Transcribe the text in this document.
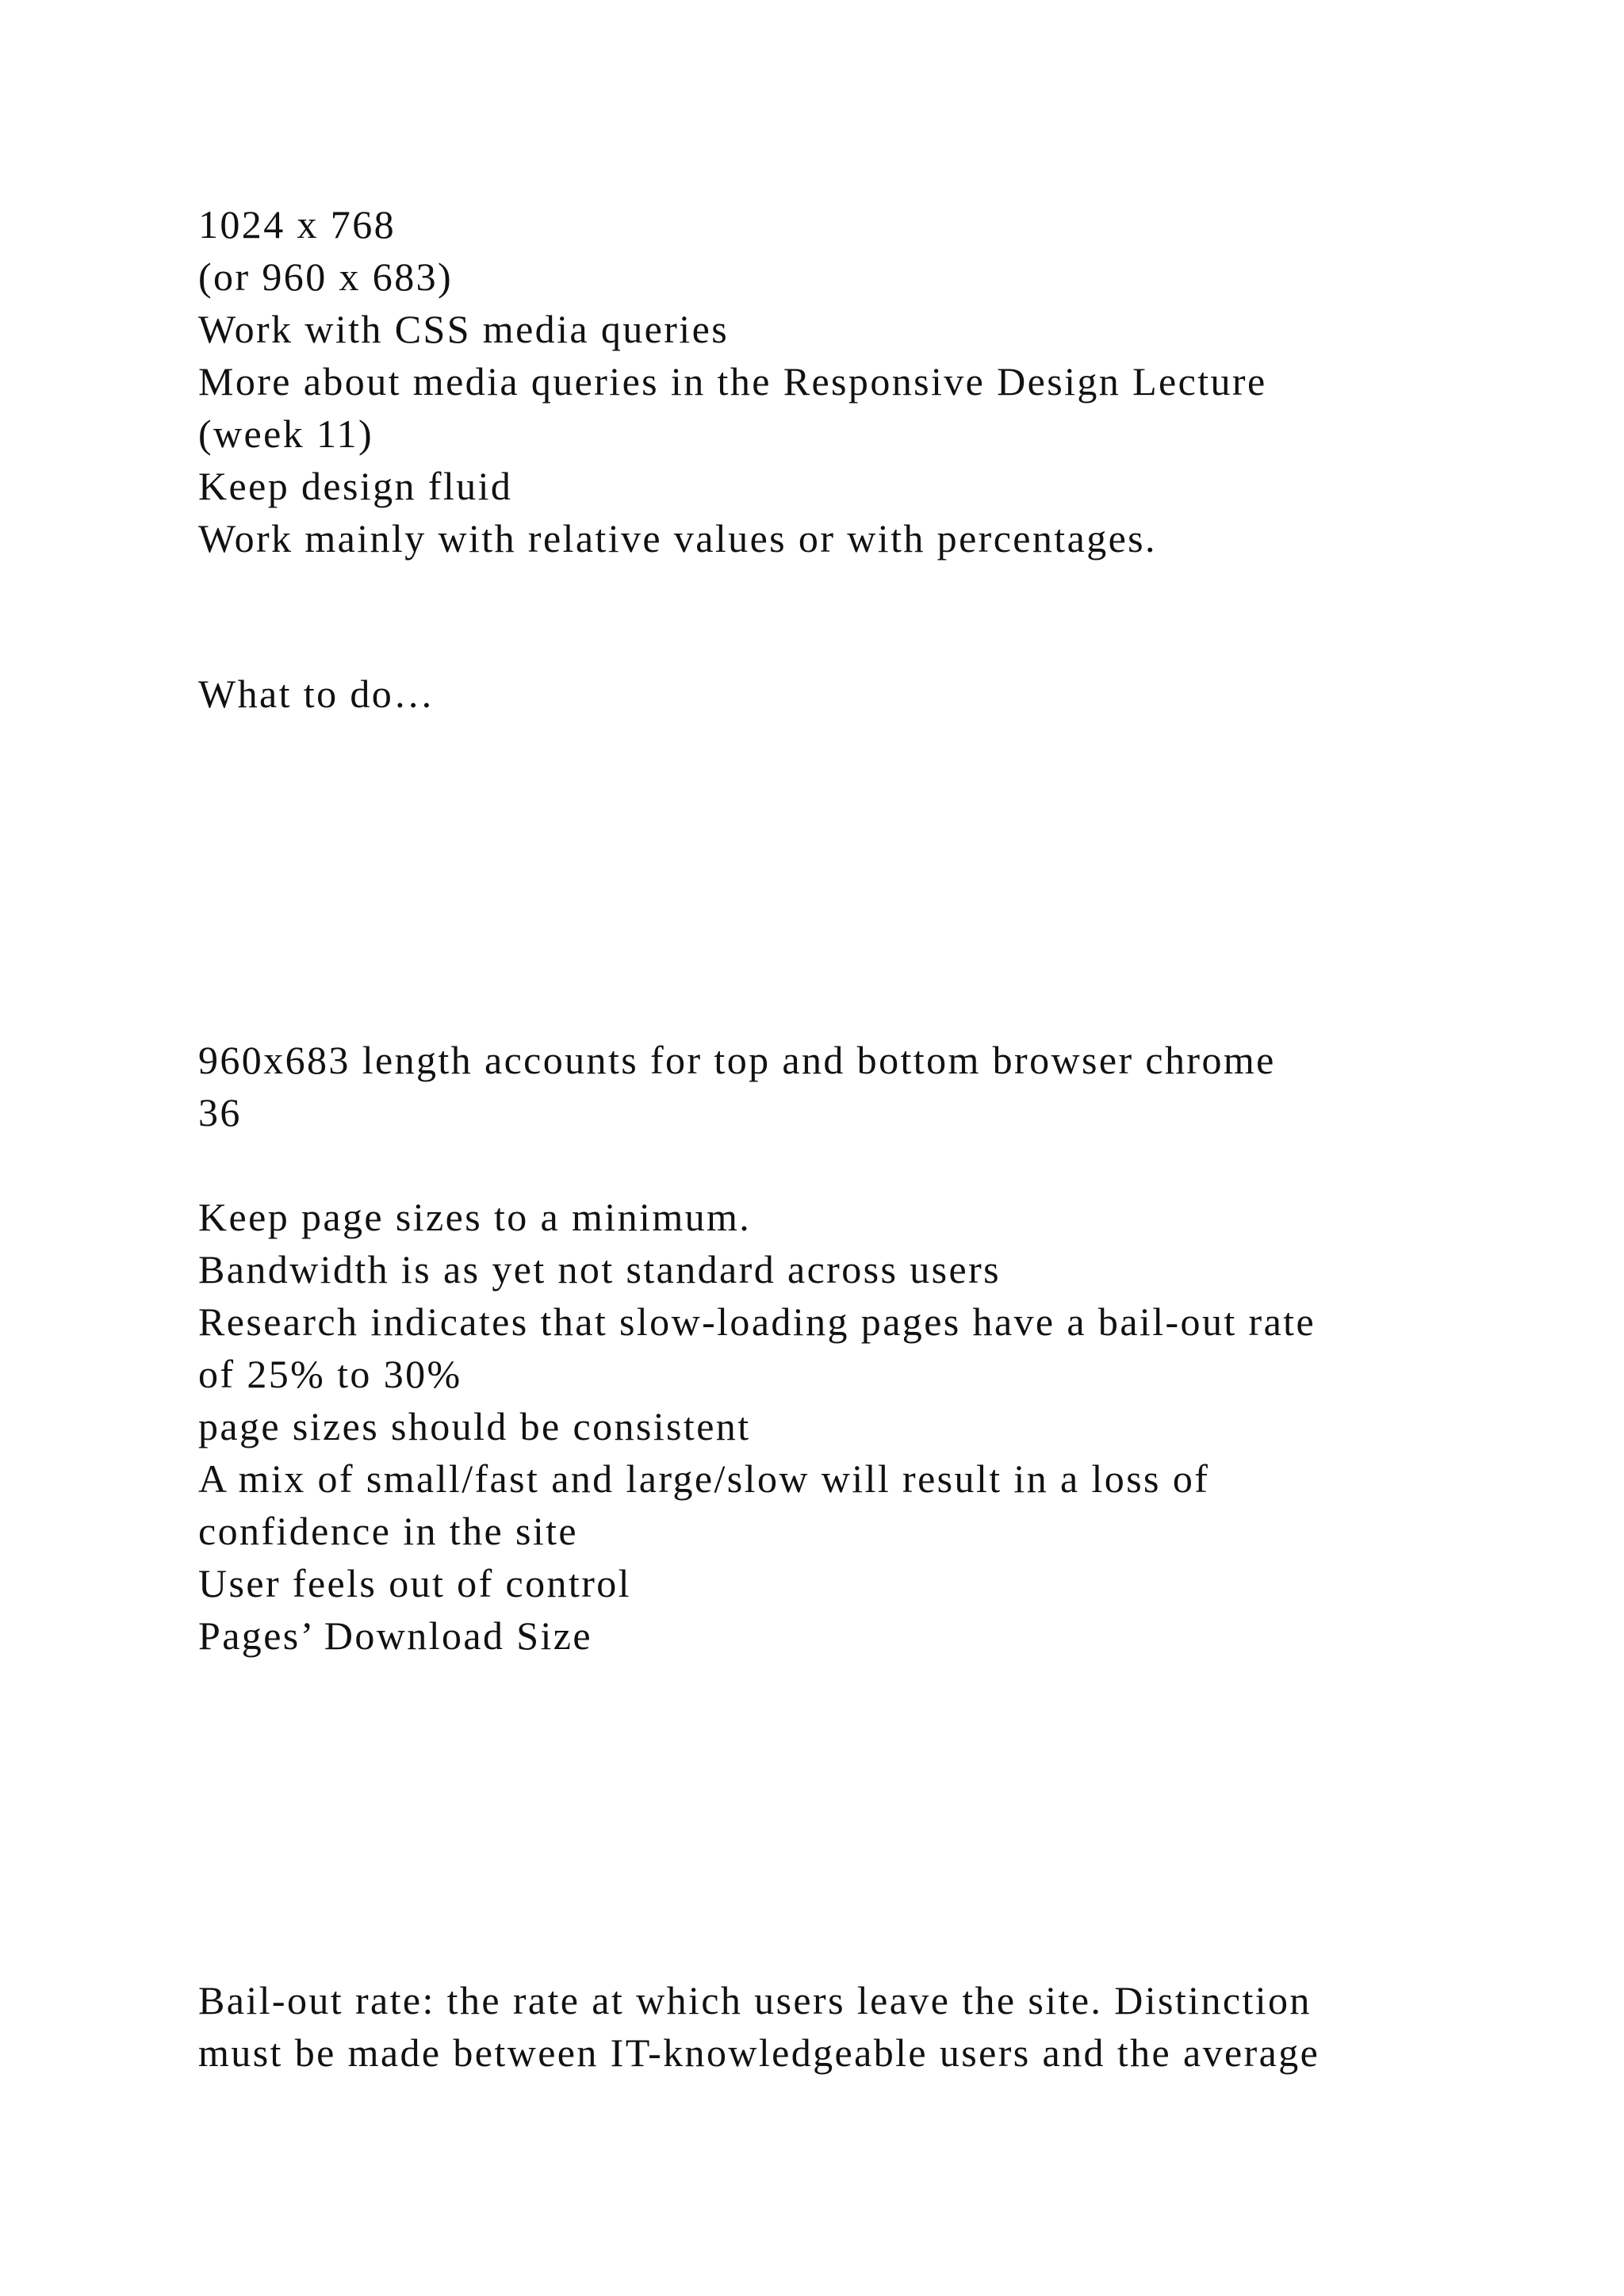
1024 x 768
(or 960 x 683)
Work with CSS media queries
More about media queries in the Responsive Design Lecture
(week 11)
Keep design fluid
Work mainly with relative values or with percentages.
What to do…
960x683 length accounts for top and bottom browser chrome
36
Keep page sizes to a minimum.
Bandwidth is as yet not standard across users
Research indicates that slow-loading pages have a bail-out rate
of 25% to 30%
page sizes should be consistent
A mix of small/fast and large/slow will result in a loss of
confidence in the site
User feels out of control
Pages’ Download Size
Bail-out rate: the rate at which users leave the site. Distinction
must be made between IT-knowledgeable users and the average
